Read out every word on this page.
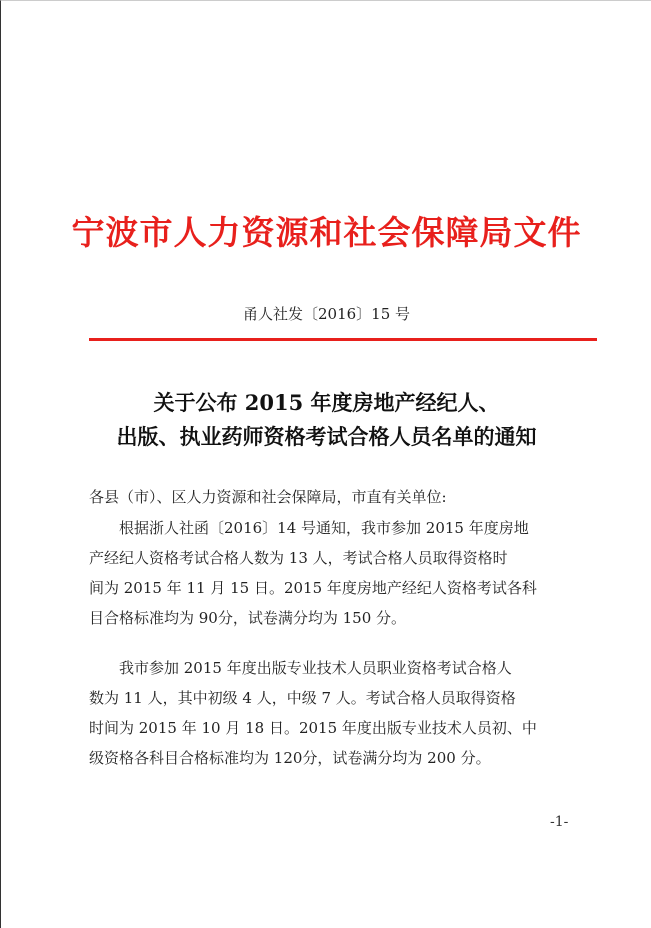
宁波市人力资源和社会保障局文件
甬人社发〔2016〕15 号
关于公布 2015 年度房地产经纪人、
出版、执业药师资格考试合格人员名单的通知
各县（市）、区人力资源和社会保障局，市直有关单位:
根据浙人社函〔2016〕14 号通知，我市参加 2015 年度房地
产经纪人资格考试合格人数为 13 人，考试合格人员取得资格时
间为 2015 年 11 月 15 日。2015 年度房地产经纪人资格考试各科
目合格标准均为 90分，试卷满分均为 150 分。
我市参加 2015 年度出版专业技术人员职业资格考试合格人
数为 11 人，其中初级 4 人，中级 7 人。考试合格人员取得资格
时间为 2015 年 10 月 18 日。2015 年度出版专业技术人员初、中
级资格各科目合格标准均为 120分，试卷满分均为 200 分。
-1-
